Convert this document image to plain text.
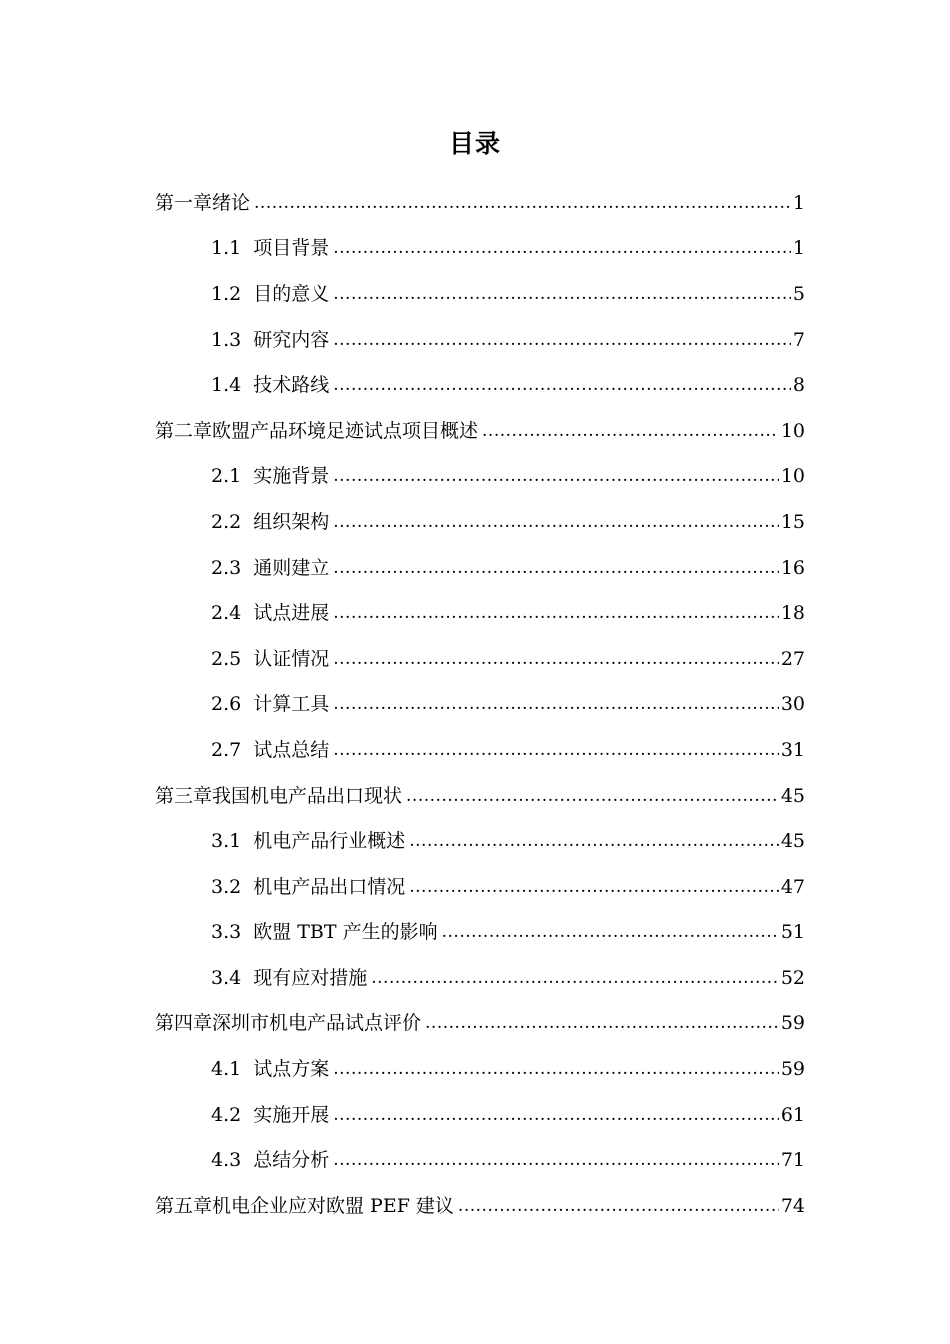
目录
第一章绪论 .....	1
1.1 项目背景 .....	1
1.2 目的意义 .....	5
1.3 研究内容 .....	7
1.4 技术路线 .....	8
第二章欧盟产品环境足迹试点项目概述 .....	10
2.1 实施背景 .....	10
2.2 组织架构 .....	15
2.3 通则建立 .....	16
2.4 试点进展 .....	18
2.5 认证情况 .....	27
2.6 计算工具 .....	30
2.7 试点总结 .....	31
第三章我国机电产品出口现状 .....	45
3.1 机电产品行业概述 .....	45
3.2 机电产品出口情况 .....	47
3.3 欧盟 TBT 产生的影响 .....	51
3.4 现有应对措施 .....	52
第四章深圳市机电产品试点评价 .....	59
4.1 试点方案 .....	59
4.2 实施开展 .....	61
4.3 总结分析 .....	71
第五章机电企业应对欧盟 PEF 建议 .....	74
